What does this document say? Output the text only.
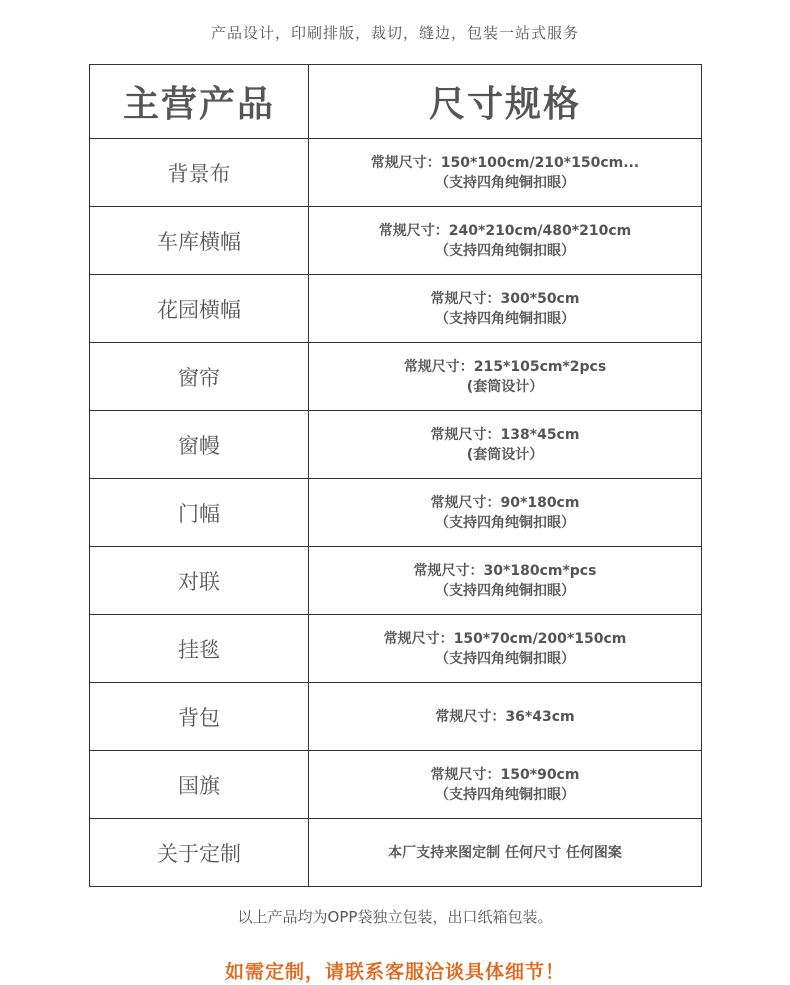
产品设计，印刷排版，裁切，缝边，包装一站式服务
主营产品	尺寸规格
背景布	常规尺寸：150*100cm/210*150cm...
（支持四角纯铜扣眼）

车库横幅	常规尺寸：240*210cm/480*210cm
（支持四角纯铜扣眼）

花园横幅	常规尺寸：300*50cm
（支持四角纯铜扣眼）

窗帘	常规尺寸：215*105cm*2pcs
(套筒设计）

窗幔	常规尺寸：138*45cm
(套筒设计）

门幅	常规尺寸：90*180cm
（支持四角纯铜扣眼）

对联	常规尺寸：30*180cm*pcs
（支持四角纯铜扣眼）

挂毯	常规尺寸：150*70cm/200*150cm
（支持四角纯铜扣眼）

背包	常规尺寸：36*43cm

国旗	常规尺寸：150*90cm
（支持四角纯铜扣眼）

关于定制	本厂支持来图定制 任何尺寸 任何图案
以上产品均为OPP袋独立包装，出口纸箱包装。
如需定制，请联系客服洽谈具体细节！
